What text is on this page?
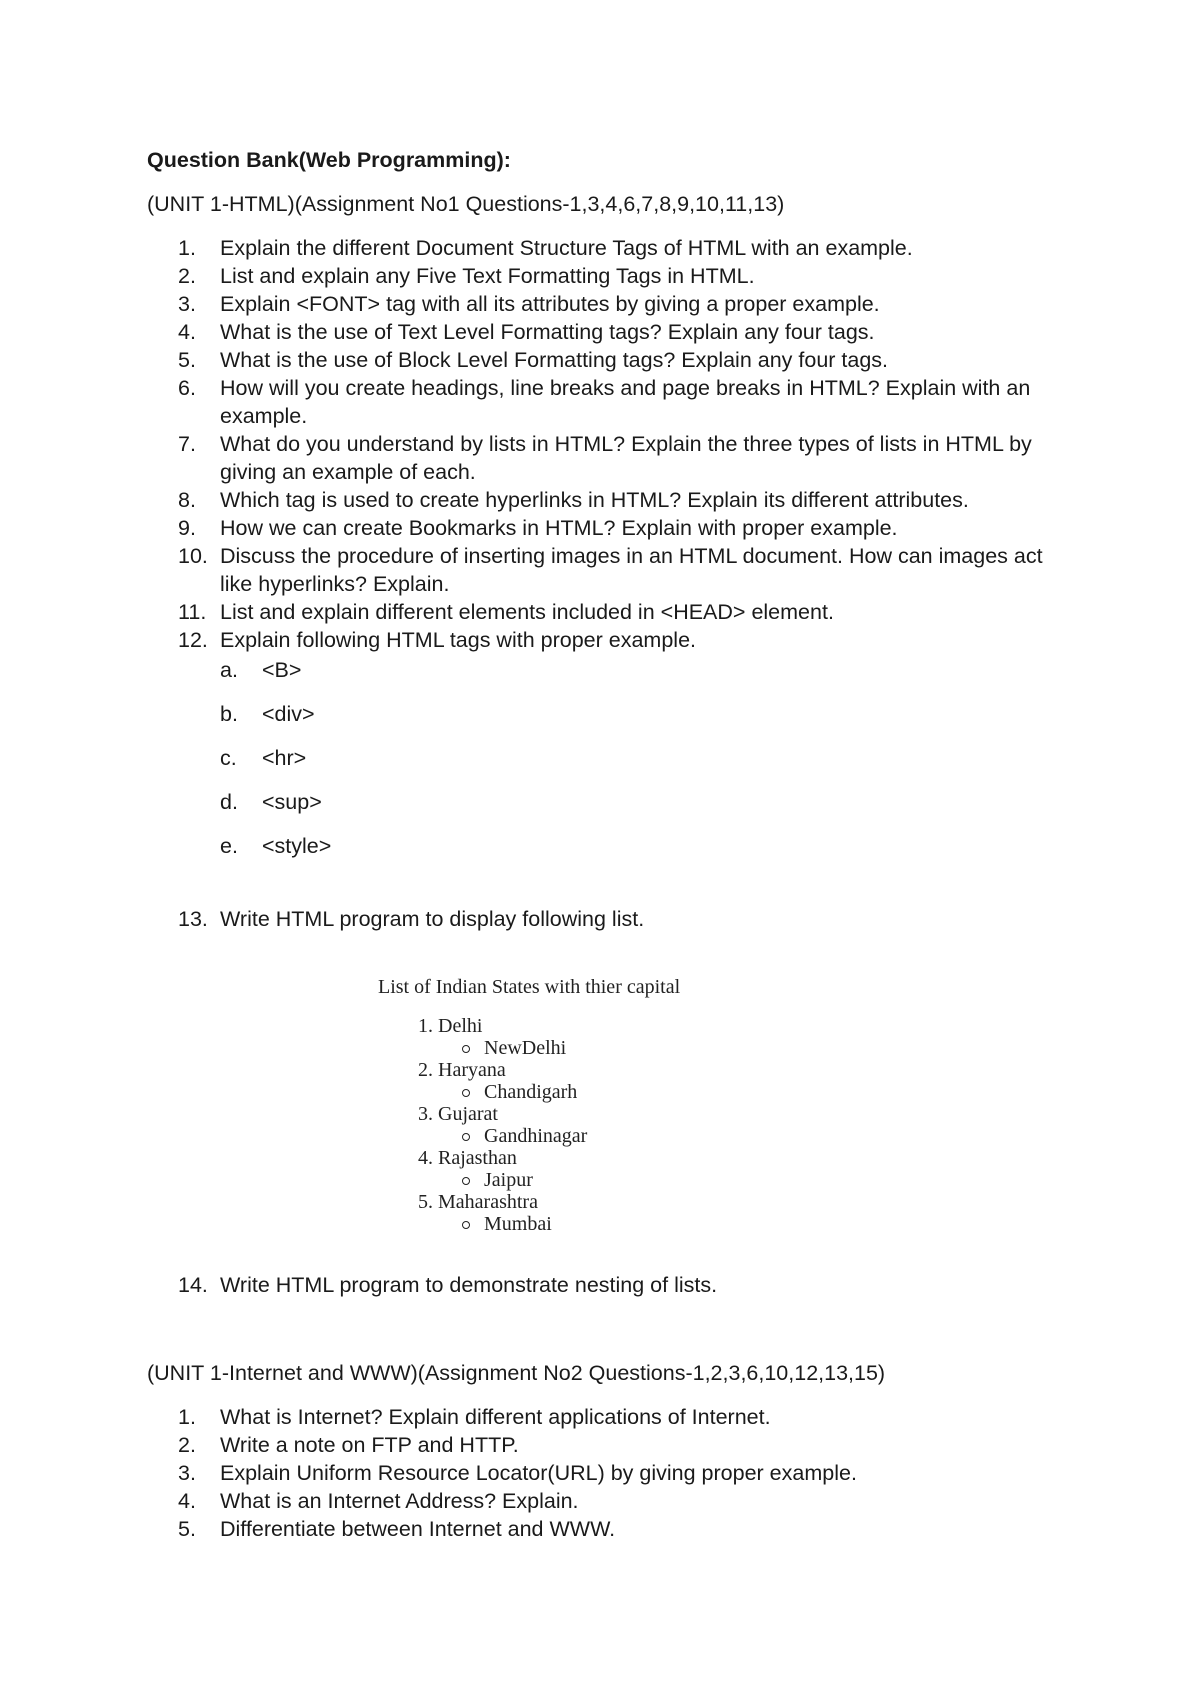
Question Bank(Web Programming):
(UNIT 1-HTML)(Assignment No1 Questions-1,3,4,6,7,8,9,10,11,13)
1.	Explain the different Document Structure Tags of HTML with an example.
2.	List and explain any Five Text Formatting Tags in HTML.
3.	Explain <FONT> tag with all its attributes by giving a proper example.
4.	What is the use of Text Level Formatting tags? Explain any four tags.
5.	What is the use of Block Level Formatting tags? Explain any four tags.
6.	How will you create headings, line breaks and page breaks in HTML? Explain with an example.
7.	What do you understand by lists in HTML? Explain the three types of lists in HTML by giving an example of each.
8.	Which tag is used to create hyperlinks in HTML? Explain its different attributes.
9.	How we can create Bookmarks in HTML? Explain with proper example.
10. Discuss the procedure of inserting images in an HTML document. How can images act like hyperlinks? Explain.
11. List and explain different elements included in <HEAD> element.
12. Explain following HTML tags with proper example.
a.	<B>
b.	<div>
c.	<hr>
d.	<sup>
e.	<style>
13. Write HTML program to display following list.
List of Indian States with thier capital
1. Delhi
NewDelhi
2. Haryana
Chandigarh
3. Gujarat
Gandhinagar
4. Rajasthan
Jaipur
5. Maharashtra
Mumbai
14. Write HTML program to demonstrate nesting of lists.
(UNIT 1-Internet and WWW)(Assignment No2 Questions-1,2,3,6,10,12,13,15)
1.	What is Internet? Explain different applications of Internet.
2.	Write a note on FTP and HTTP.
3.	Explain Uniform Resource Locator(URL) by giving proper example.
4.	What is an Internet Address? Explain.
5.	Differentiate between Internet and WWW.
